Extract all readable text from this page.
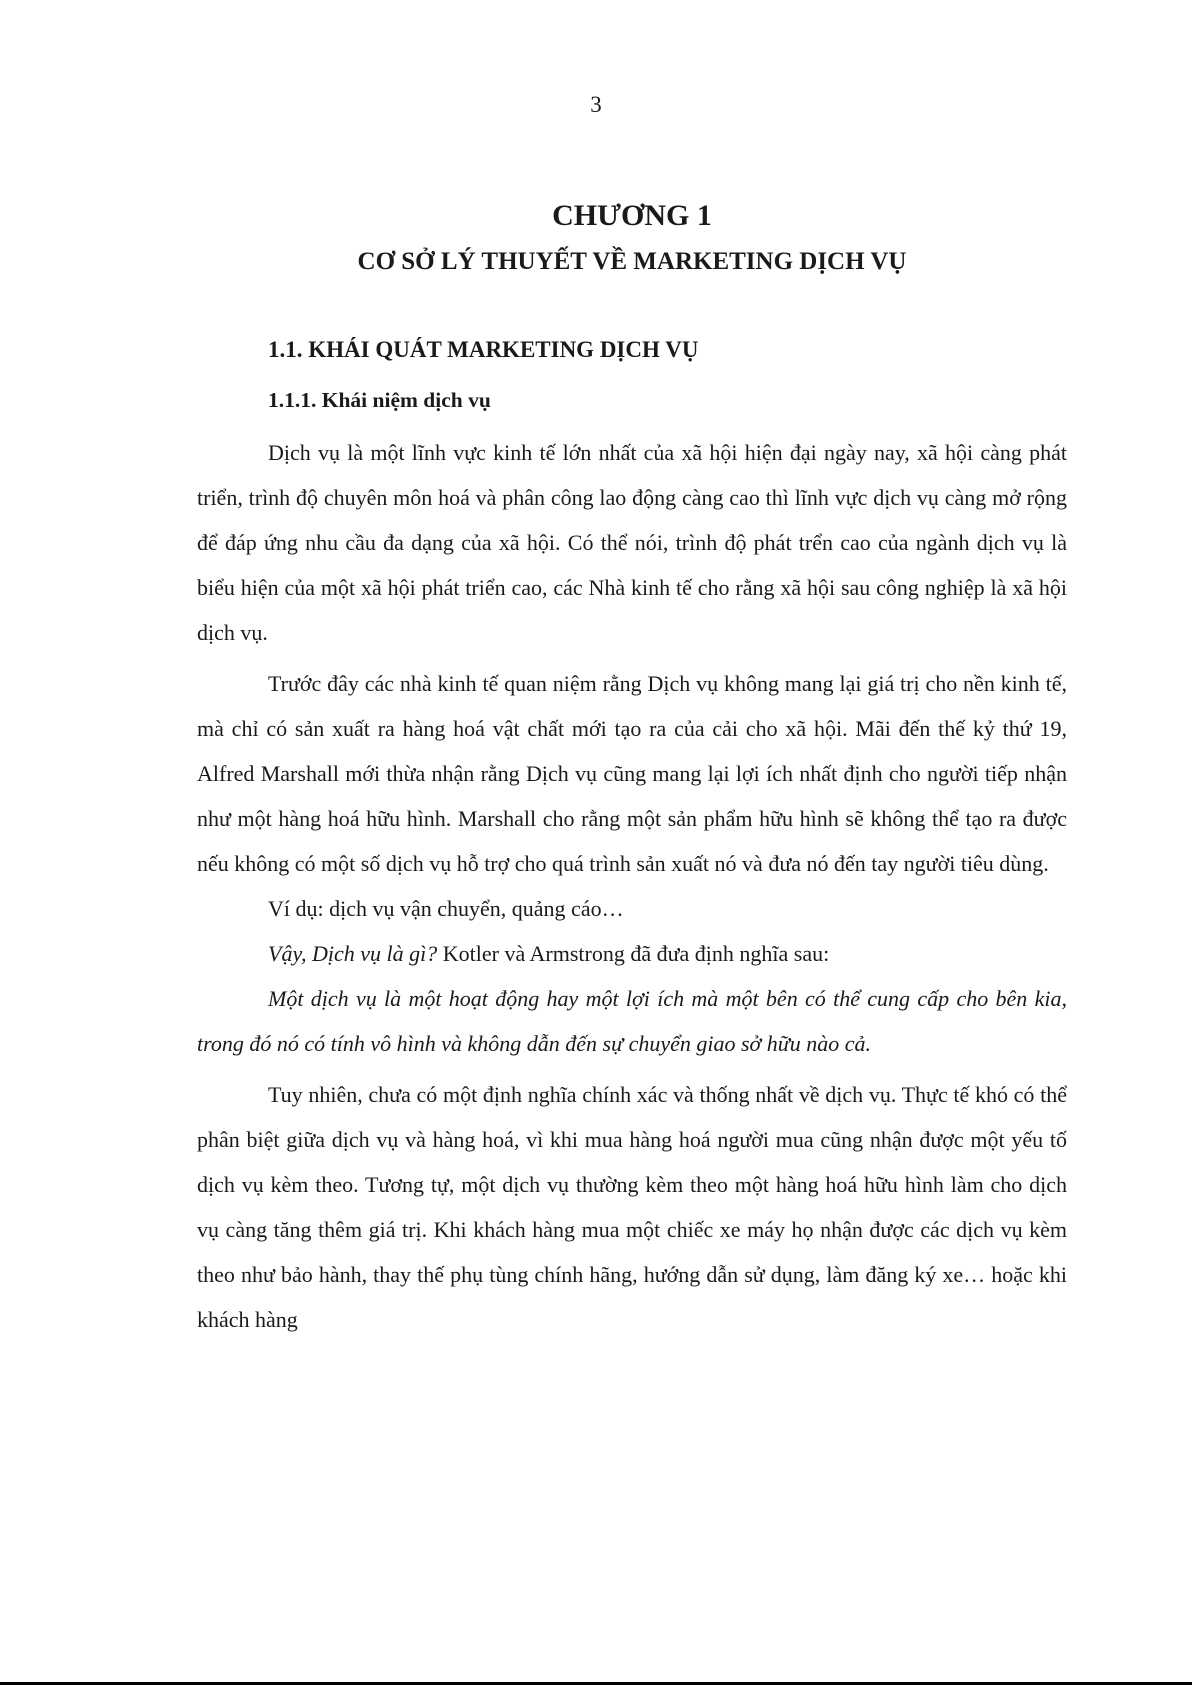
3
CHƯƠNG 1
CƠ SỞ LÝ THUYẾT VỀ MARKETING DỊCH VỤ
1.1. KHÁI QUÁT MARKETING DỊCH VỤ
1.1.1. Khái niệm dịch vụ

Dịch vụ là một lĩnh vực kinh tế lớn nhất của xã hội hiện đại ngày nay, xã hội càng phát triển, trình độ chuyên môn hoá và phân công lao động càng cao thì lĩnh vực dịch vụ càng mở rộng để đáp ứng nhu cầu đa dạng của xã hội. Có thể nói, trình độ phát trển cao của ngành dịch vụ là biểu hiện của một xã hội phát triển cao, các Nhà kinh tế cho rằng xã hội sau công nghiệp là xã hội dịch vụ.

Trước đây các nhà kinh tế quan niệm rằng Dịch vụ không mang lại giá trị cho nền kinh tế, mà chỉ có sản xuất ra hàng hoá vật chất mới tạo ra của cải cho xã hội. Mãi đến thế kỷ thứ 19, Alfred Marshall mới thừa nhận rằng Dịch vụ cũng mang lại lợi ích nhất định cho người tiếp nhận như một hàng hoá hữu hình. Marshall cho rằng một sản phẩm hữu hình sẽ không thể tạo ra được nếu không có một số dịch vụ hỗ trợ cho quá trình sản xuất nó và đưa nó đến tay người tiêu dùng.

Ví dụ: dịch vụ vận chuyển, quảng cáo…

Vậy, Dịch vụ là gì? Kotler và Armstrong đã đưa định nghĩa sau:

Một dịch vụ là một hoạt động hay một lợi ích mà một bên có thể cung cấp cho bên kia, trong đó nó có tính vô hình và không dẫn đến sự chuyển giao sở hữu nào cả.

Tuy nhiên, chưa có một định nghĩa chính xác và thống nhất về dịch vụ. Thực tế khó có thể phân biệt giữa dịch vụ và hàng hoá, vì khi mua hàng hoá người mua cũng nhận được một yếu tố dịch vụ kèm theo. Tương tự, một dịch vụ thường kèm theo một hàng hoá hữu hình làm cho dịch vụ càng tăng thêm giá trị. Khi khách hàng mua một chiếc xe máy họ nhận được các dịch vụ kèm theo như bảo hành, thay thế phụ tùng chính hãng, hướng dẫn sử dụng, làm đăng ký xe… hoặc khi khách hàng
